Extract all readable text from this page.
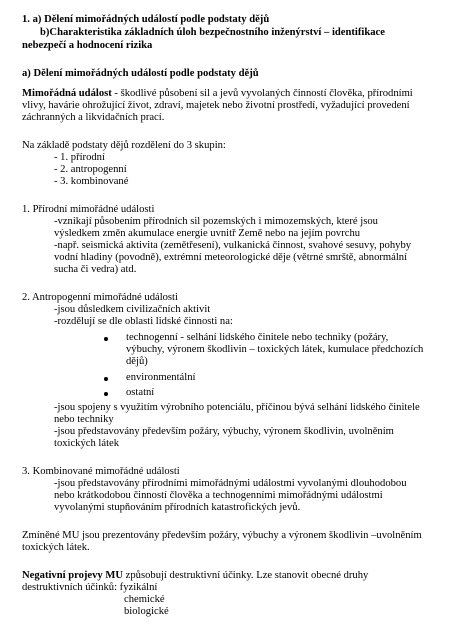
1. a) Dělení mimořádných událostí podle podstaty dějů
b)Charakteristika základních úloh bezpečnostního inženýrství – identifikace
nebezpečí a hodnocení rizika
a) Dělení mimořádných událostí podle podstaty dějů
Mimořádná událost - škodlivé působení sil a jevů vyvolaných činností člověka, přírodními
vlivy, havárie ohrožující život, zdraví, majetek nebo životní prostředí, vyžadující provedení
záchranných a likvidačních prací.
Na základě podstaty dějů rozdělení do 3 skupin:
- 1. přírodní
- 2. antropogenní
- 3. kombinované
1. Přírodní mimořádné události
-vznikají působením přírodních sil pozemských i mimozemských, které jsou
výsledkem změn akumulace energie uvnitř Země nebo na jejím povrchu
-např. seismická aktivita (zemětřesení), vulkanická činnost, svahové sesuvy, pohyby
vodní hladiny (povodně), extrémní meteorologické děje (větrné smrště, abnormální
sucha či vedra) atd.
2. Antropogenní mimořádné události
-jsou důsledkem civilizačních aktivit
-rozdělují se dle oblasti lidské činnosti na:
technogenní - selhání lidského činitele nebo techniky (požáry,
výbuchy, výronem škodlivin – toxických látek, kumulace předchozích
dějů)
environmentální
ostatní
-jsou spojeny s využitím výrobního potenciálu, příčinou bývá selhání lidského činitele
nebo techniky
-jsou představovány především požáry, výbuchy, výronem škodlivin, uvolněním
toxických látek
3. Kombinované mimořádné události
-jsou představovány přírodními mimořádnými událostmi vyvolanými dlouhodobou
nebo krátkodobou činností člověka a technogenními mimořádnými událostmi
vyvolanými stupňováním přírodních katastrofických jevů.
Zmíněné MU jsou prezentovány především požáry, výbuchy a výronem škodlivin –uvolněním
toxických látek.
Negativní projevy MU způsobují destruktivní účinky. Lze stanovit obecné druhy
destruktivních účinků: fyzikální
chemické
biologické
